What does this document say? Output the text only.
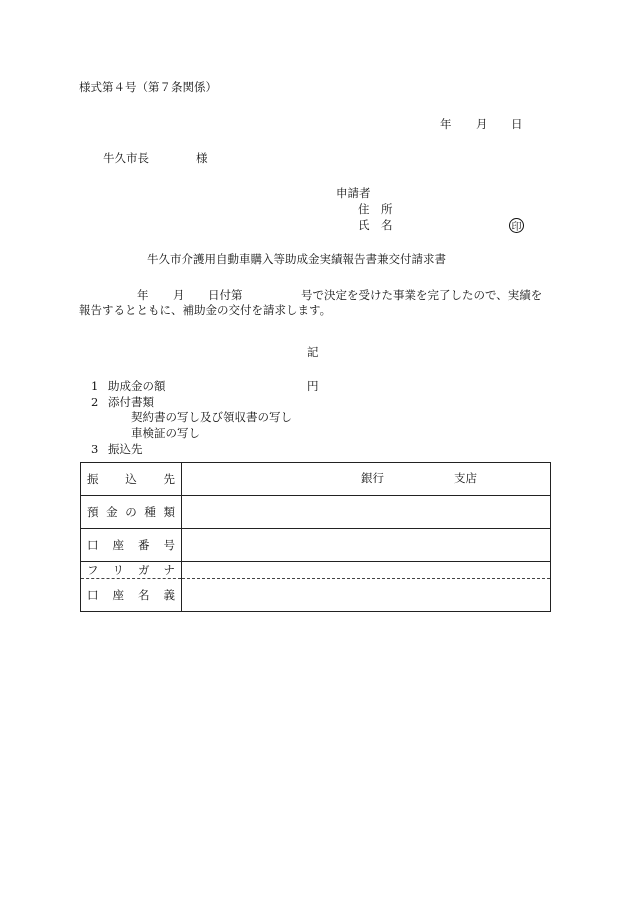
様式第４号（第７条関係）
年 月 日
牛久市長	様
申請者
住　所
氏　名	印
牛久市介護用自動車購入等助成金実績報告書兼交付請求書
年 月 日付第	号で決定を受けた事業を完了したので、実績を
報告するとともに、補助金の交付を請求します。
記
1 助成金の額	円
2 添付書類
契約書の写し及び領収書の写し
車検証の写し
3 振込先
振 込 先	銀行 支店

預 金 の 種 類	

口 座 番 号	

フ リ ガ ナ	

口 座 名 義	
